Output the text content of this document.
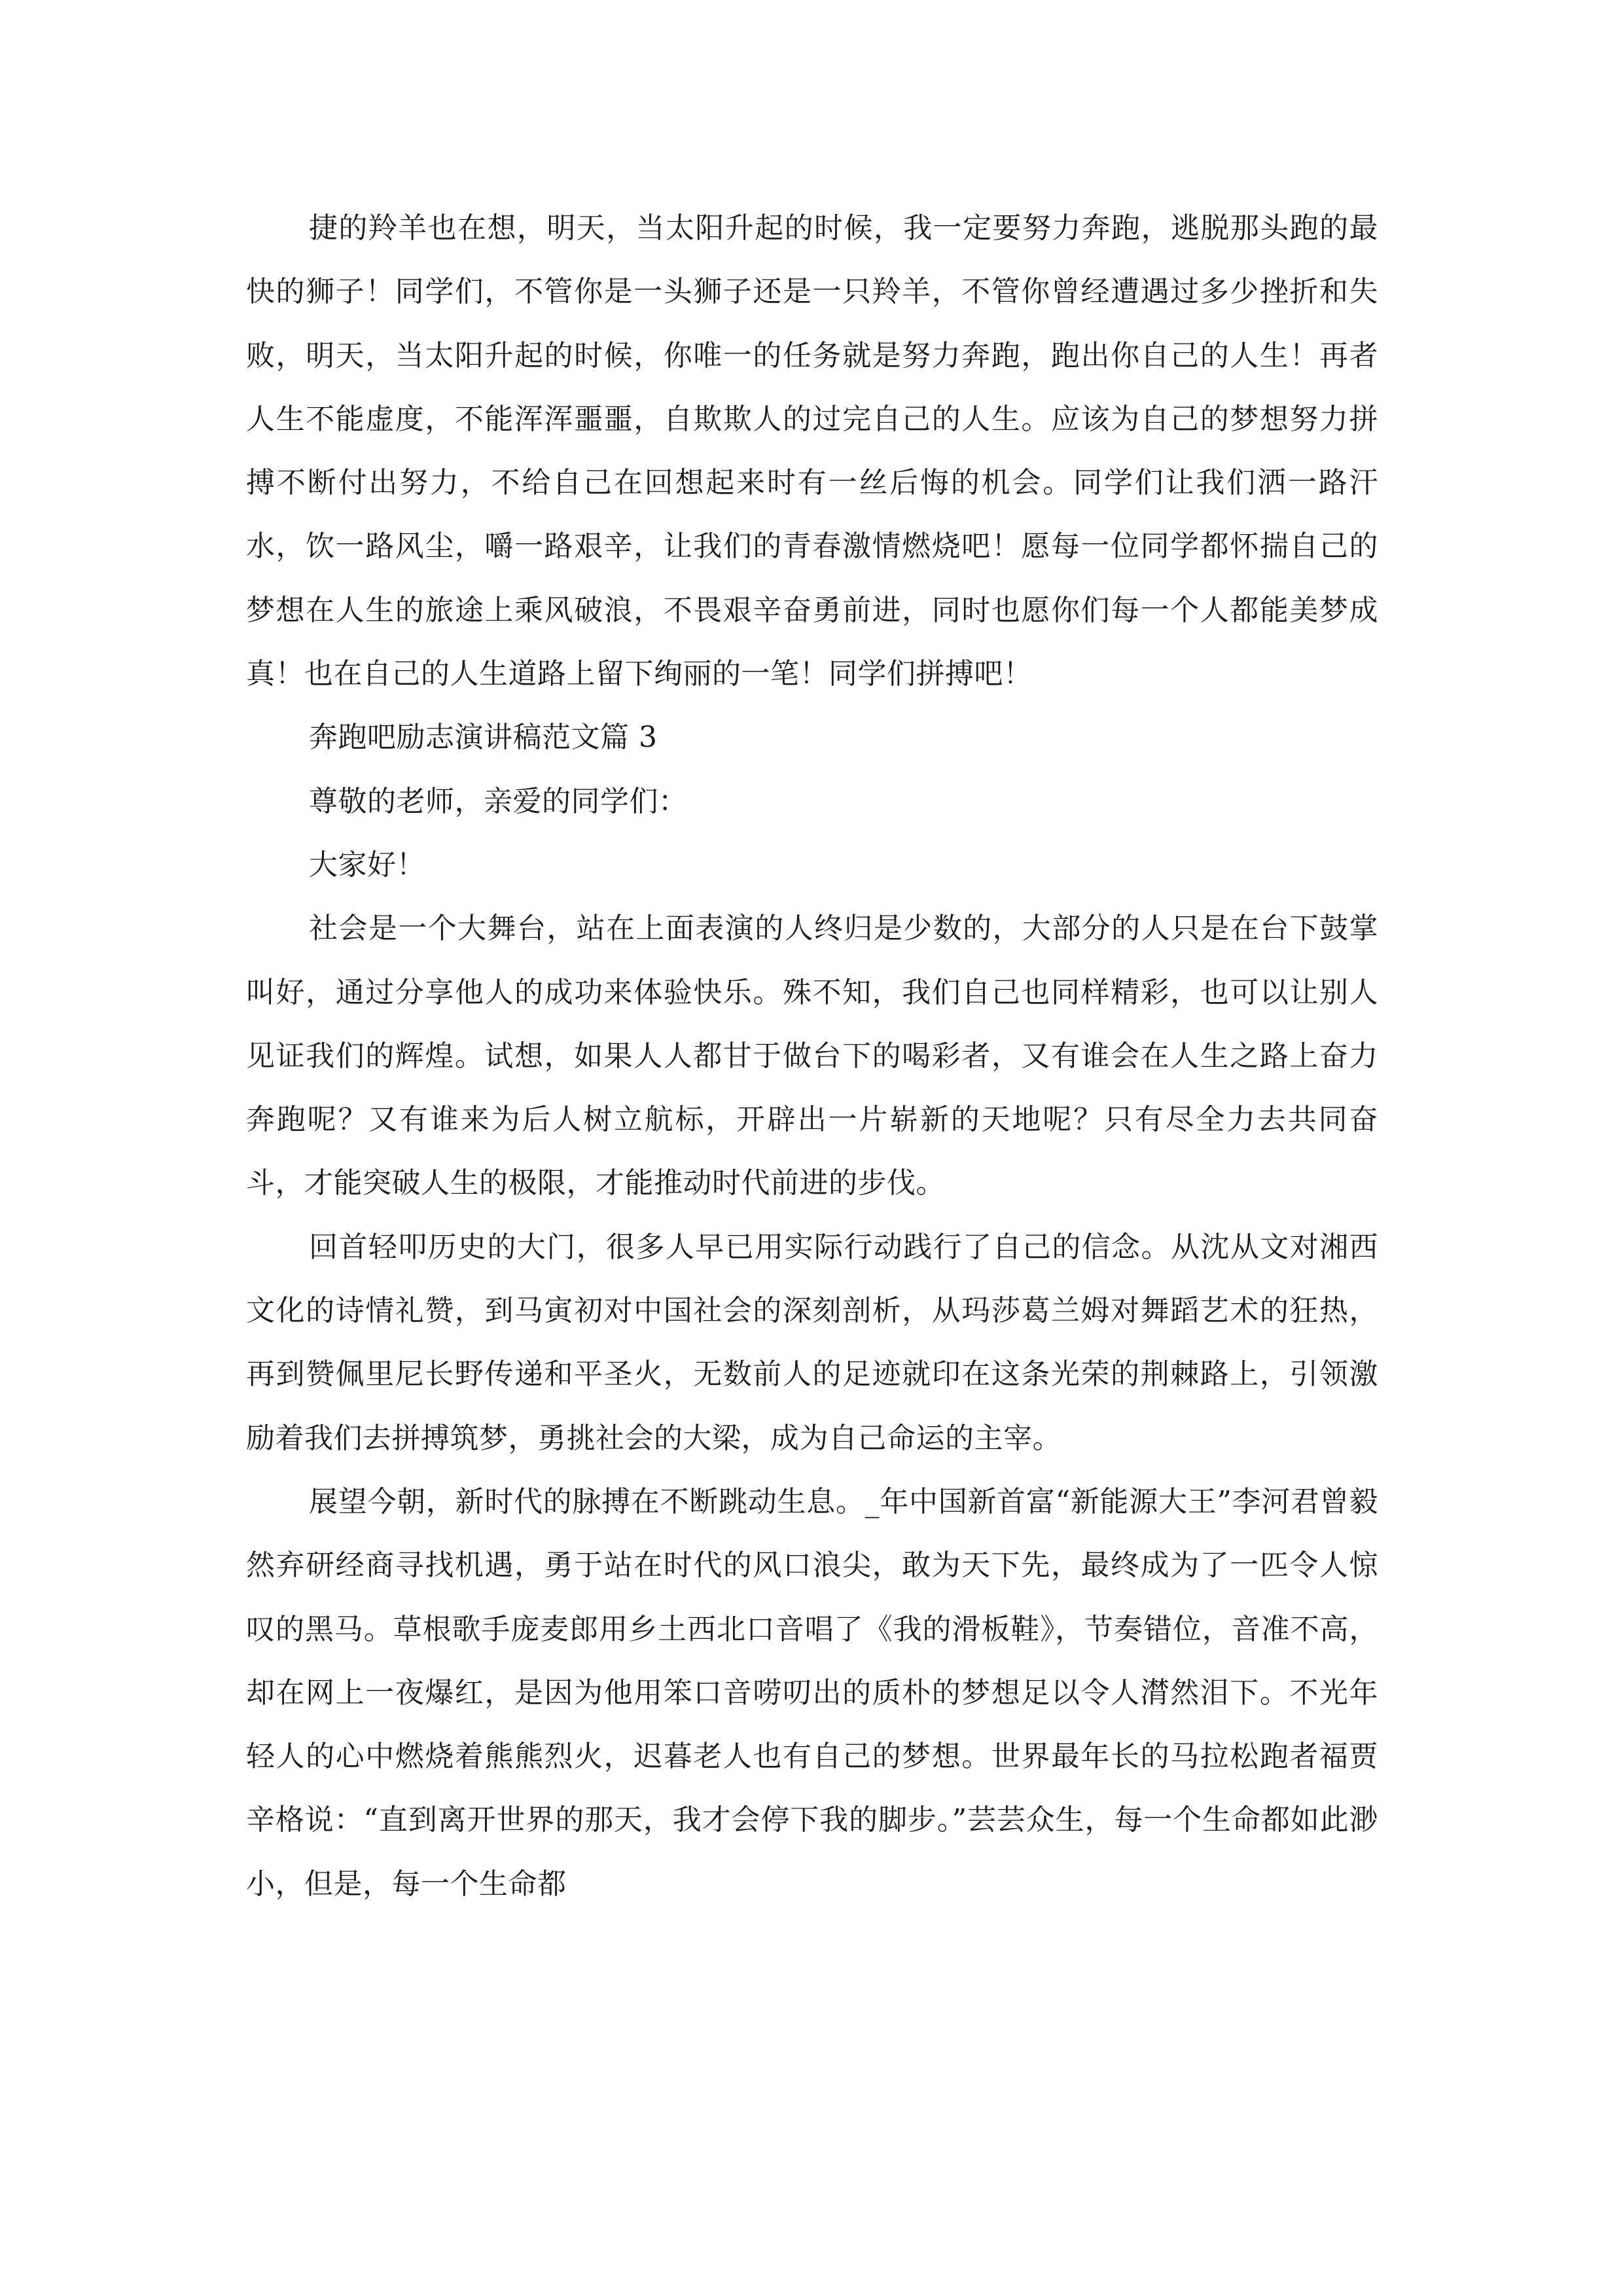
捷的羚羊也在想，明天，当太阳升起的时候，我一定要努力奔跑，逃脱那头跑的最快的狮子！同学们，不管你是一头狮子还是一只羚羊，不管你曾经遭遇过多少挫折和失败，明天，当太阳升起的时候，你唯一的任务就是努力奔跑，跑出你自己的人生！再者人生不能虚度，不能浑浑噩噩，自欺欺人的过完自己的人生。应该为自己的梦想努力拼搏不断付出努力，不给自己在回想起来时有一丝后悔的机会。同学们让我们洒一路汗水，饮一路风尘，嚼一路艰辛，让我们的青春激情燃烧吧！愿每一位同学都怀揣自己的梦想在人生的旅途上乘风破浪，不畏艰辛奋勇前进，同时也愿你们每一个人都能美梦成真！也在自己的人生道路上留下绚丽的一笔！同学们拼搏吧！

奔跑吧励志演讲稿范文篇 3

尊敬的老师，亲爱的同学们：

大家好！

社会是一个大舞台，站在上面表演的人终归是少数的，大部分的人只是在台下鼓掌叫好，通过分享他人的成功来体验快乐。殊不知，我们自己也同样精彩，也可以让别人见证我们的辉煌。试想，如果人人都甘于做台下的喝彩者，又有谁会在人生之路上奋力奔跑呢？又有谁来为后人树立航标，开辟出一片崭新的天地呢？只有尽全力去共同奋斗，才能突破人生的极限，才能推动时代前进的步伐。

回首轻叩历史的大门，很多人早已用实际行动践行了自己的信念。从沈从文对湘西文化的诗情礼赞，到马寅初对中国社会的深刻剖析，从玛莎葛兰姆对舞蹈艺术的狂热，再到赞佩里尼长野传递和平圣火，无数前人的足迹就印在这条光荣的荆棘路上，引领激励着我们去拼搏筑梦，勇挑社会的大梁，成为自己命运的主宰。

展望今朝，新时代的脉搏在不断跳动生息。_年中国新首富“新能源大王”李河君曾毅然弃研经商寻找机遇，勇于站在时代的风口浪尖，敢为天下先，最终成为了一匹令人惊叹的黑马。草根歌手庞麦郎用乡土西北口音唱了《我的滑板鞋》，节奏错位，音准不高，却在网上一夜爆红，是因为他用笨口音唠叨出的质朴的梦想足以令人潸然泪下。不光年轻人的心中燃烧着熊熊烈火，迟暮老人也有自己的梦想。世界最年长的马拉松跑者福贾辛格说：“直到离开世界的那天，我才会停下我的脚步。”芸芸众生，每一个生命都如此渺小，但是，每一个生命都
